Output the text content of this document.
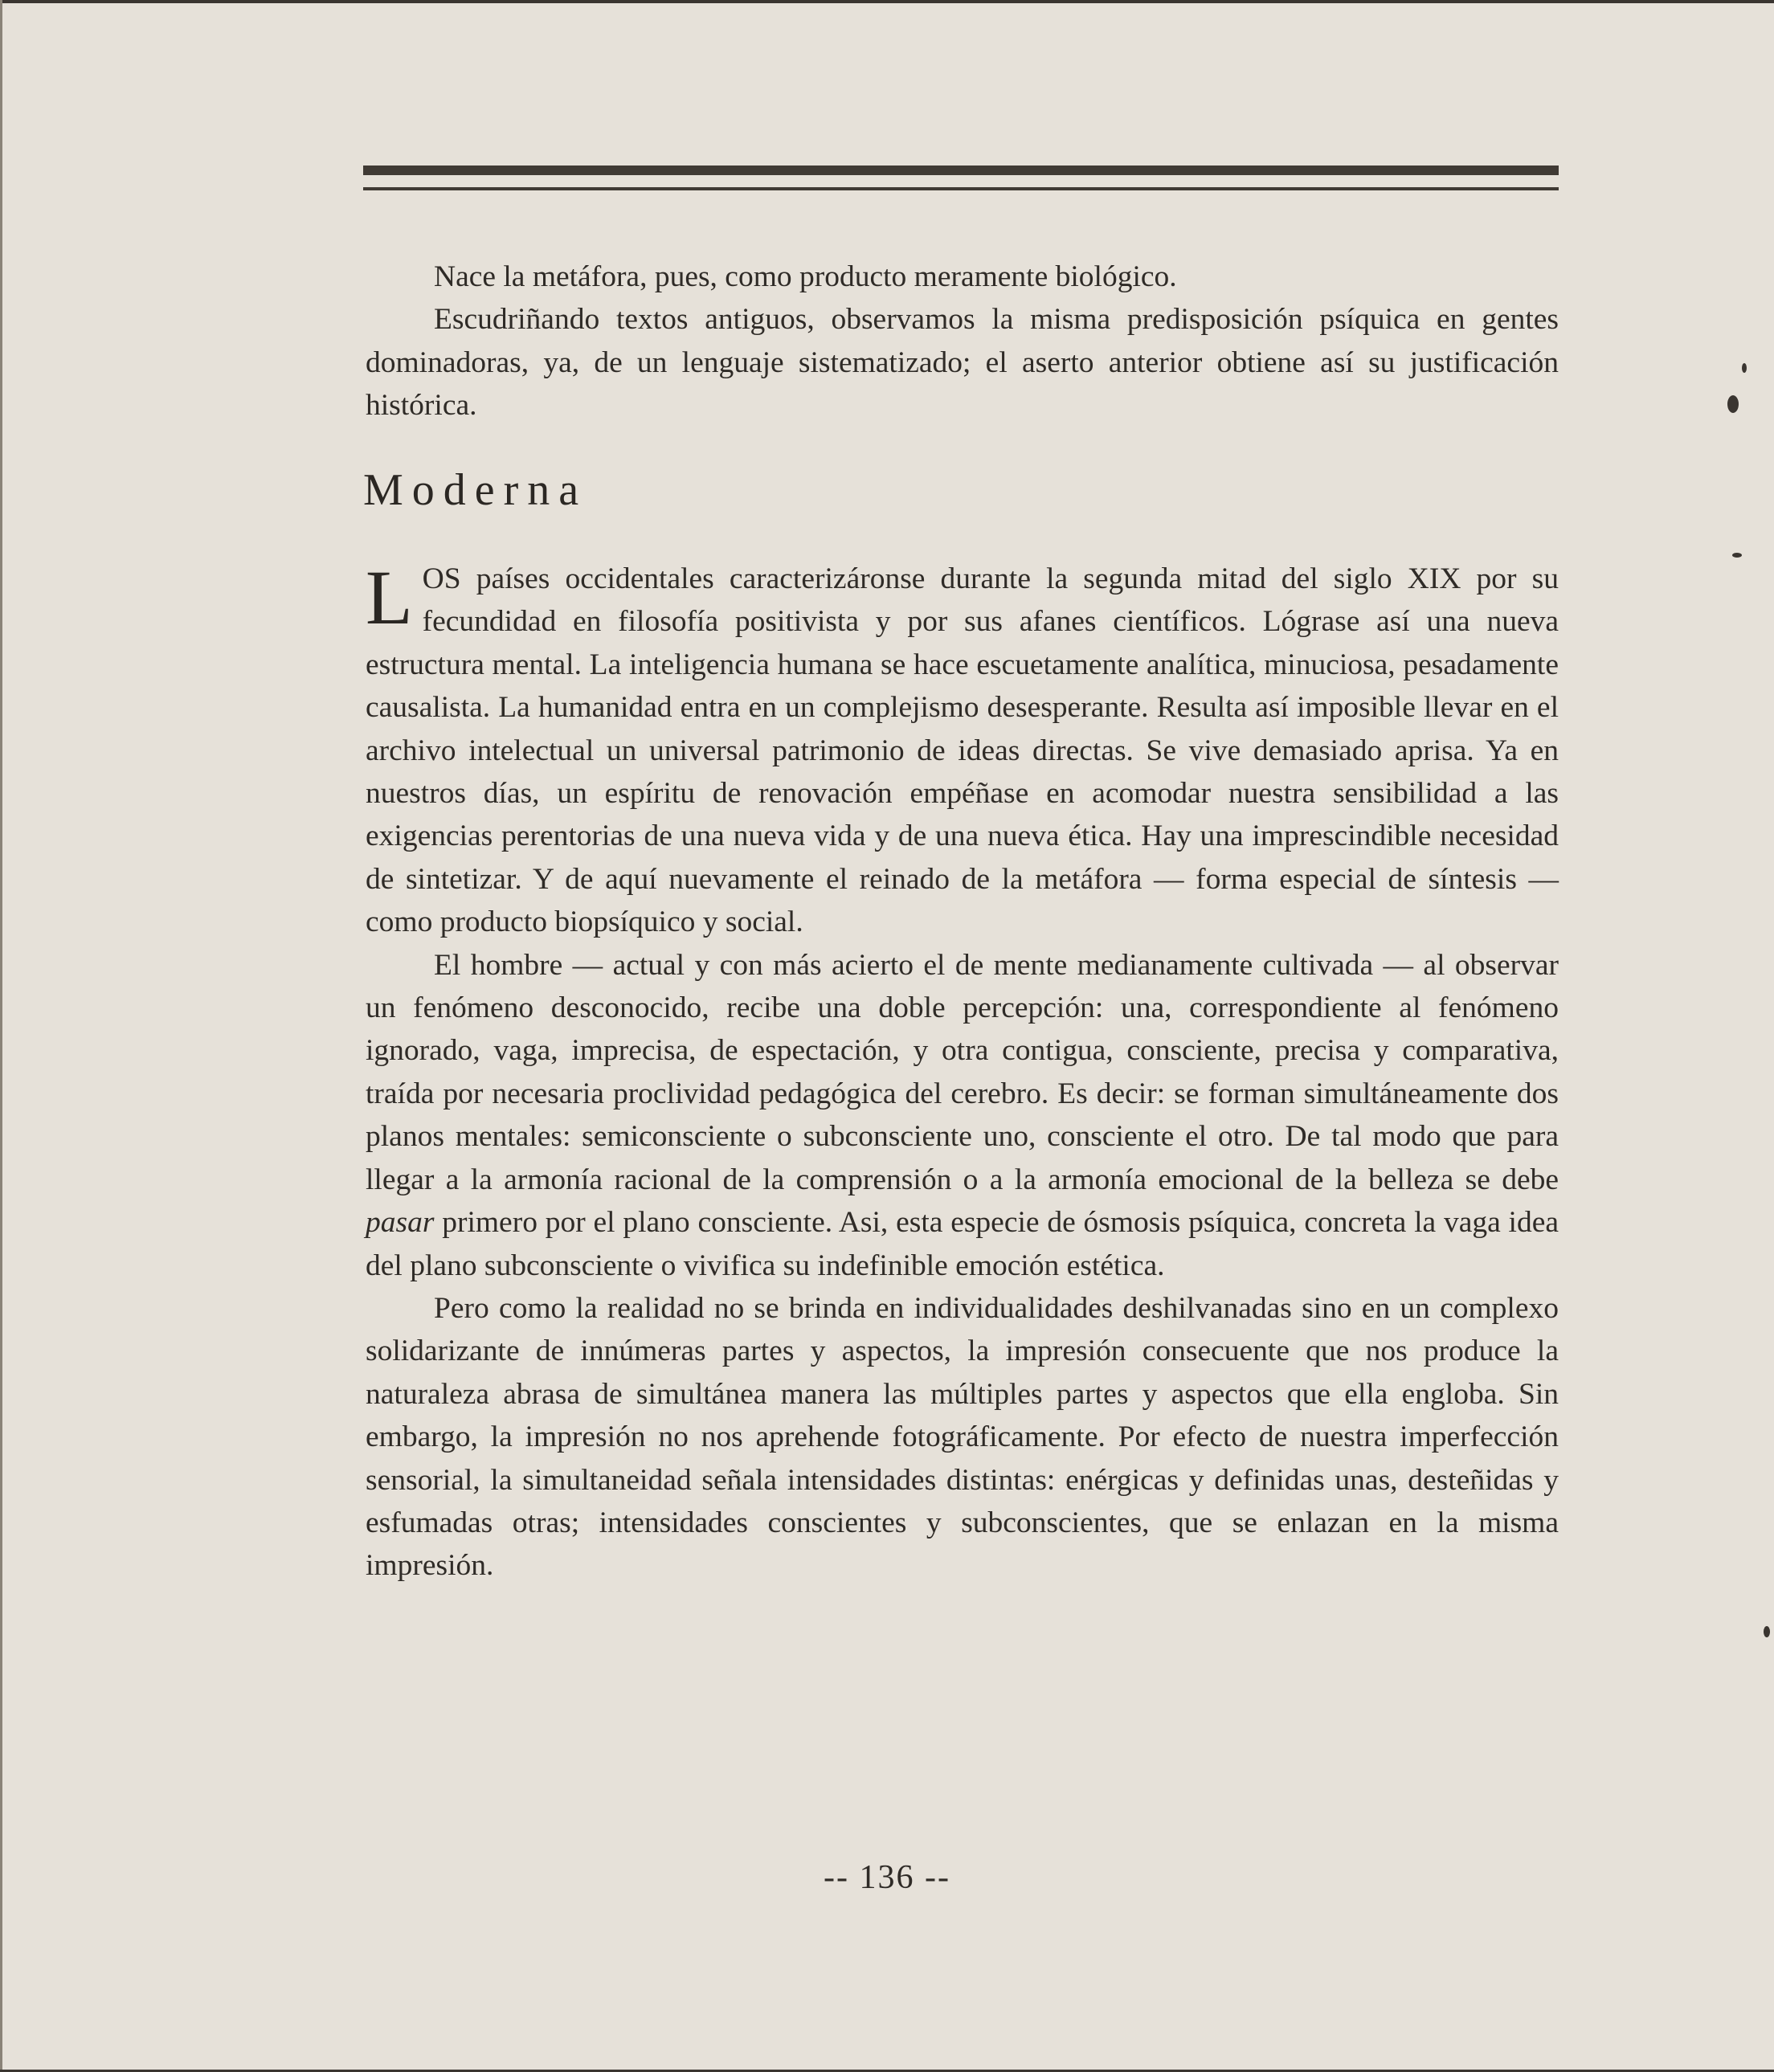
Nace la metáfora, pues, como producto meramente biológico.

Escudriñando textos antiguos, observamos la misma predisposición psíquica en gentes dominadoras, ya, de un lenguaje sistematizado; el aserto anterior obtiene así su justificación histórica.

Moderna

LOS países occidentales caracterizáronse durante la segunda mitad del siglo XIX por su fecundidad en filosofía positivista y por sus afanes científicos. Lógrase así una nueva estructura mental. La inteligencia humana se hace escuetamente analítica, minuciosa, pesadamente causalista. La humanidad entra en un complejismo desesperante. Resulta así imposible llevar en el archivo intelectual un universal patrimonio de ideas directas. Se vive demasiado aprisa. Ya en nuestros días, un espíritu de renovación empéñase en acomodar nuestra sensibilidad a las exigencias perentorias de una nueva vida y de una nueva ética. Hay una imprescindible necesidad de sintetizar. Y de aquí nuevamente el reinado de la metáfora — forma especial de síntesis — como producto biopsíquico y social.

El hombre — actual y con más acierto el de mente medianamente cultivada — al observar un fenómeno desconocido, recibe una doble percepción: una, correspondiente al fenómeno ignorado, vaga, imprecisa, de espectación, y otra contigua, consciente, precisa y comparativa, traída por necesaria proclividad pedagógica del cerebro. Es decir: se forman simultáneamente dos planos mentales: semiconsciente o subconsciente uno, consciente el otro. De tal modo que para llegar a la armonía racional de la comprensión o a la armonía emocional de la belleza se debe pasar primero por el plano consciente. Asi, esta especie de ósmosis psíquica, concreta la vaga idea del plano subconsciente o vivifica su indefinible emoción estética.

Pero como la realidad no se brinda en individualidades deshilvanadas sino en un complexo solidarizante de innúmeras partes y aspectos, la impresión consecuente que nos produce la naturaleza abrasa de simultánea manera las múltiples partes y aspectos que ella engloba. Sin embargo, la impresión no nos aprehende fotográficamente. Por efecto de nuestra imperfección sensorial, la simultaneidad señala intensidades distintas: enérgicas y definidas unas, desteñidas y esfumadas otras; intensidades conscientes y subconscientes, que se enlazan en la misma impresión.

-- 136 --
